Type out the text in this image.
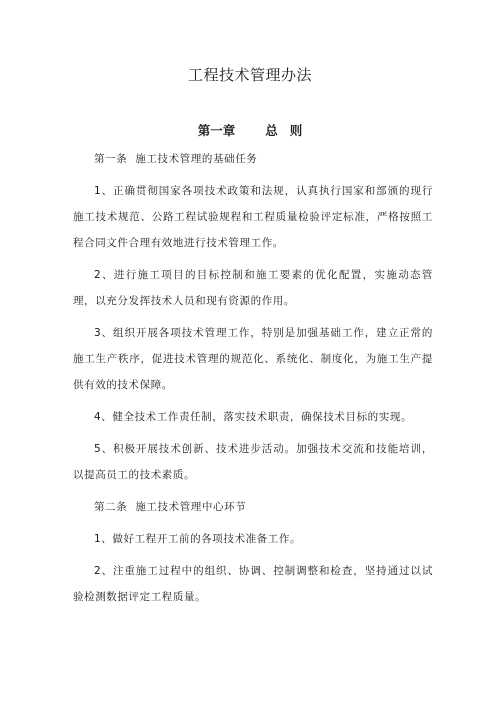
工程技术管理办法
第一章 总 则

第一条 施工技术管理的基础任务

1、正确贯彻国家各项技术政策和法规，认真执行国家和部颁的现行施工技术规范、公路工程试验规程和工程质量检验评定标准，严格按照工程合同文件合理有效地进行技术管理工作。

2、进行施工项目的目标控制和施工要素的优化配置，实施动态管理，以充分发挥技术人员和现有资源的作用。

3、组织开展各项技术管理工作，特别是加强基础工作，建立正常的施工生产秩序，促进技术管理的规范化、系统化、制度化，为施工生产提供有效的技术保障。

4、健全技术工作责任制，落实技术职责，确保技术目标的实现。

5、积极开展技术创新、技术进步活动。加强技术交流和技能培训，以提高员工的技术素质。

第二条 施工技术管理中心环节

1、做好工程开工前的各项技术准备工作。

2、注重施工过程中的组织、协调、控制调整和检查，坚持通过以试验检测数据评定工程质量。
